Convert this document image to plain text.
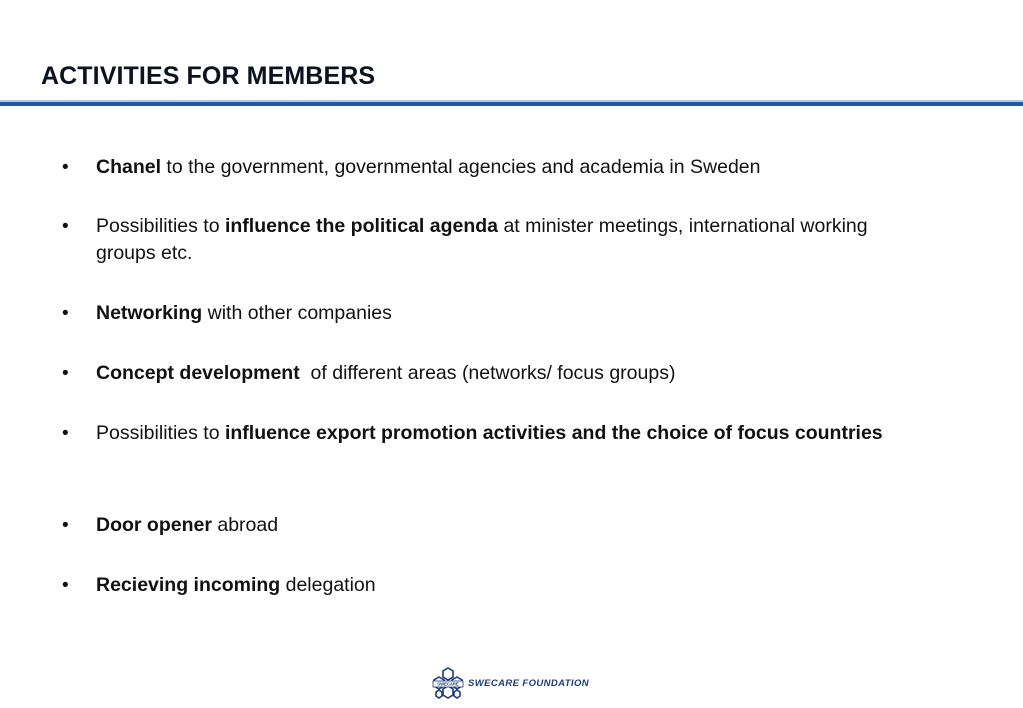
ACTIVITIES FOR MEMBERS
• Chanel to the government, governmental agencies and academia in Sweden
• Possibilities to influence the political agenda at minister meetings, international working groups etc.
• Networking with other companies
• Concept development  of different areas (networks/ focus groups)
• Possibilities to influence export promotion activities and the choice of focus countries
• Door opener abroad
• Recieving incoming delegation
SWECARE SWECARE FOUNDATION
